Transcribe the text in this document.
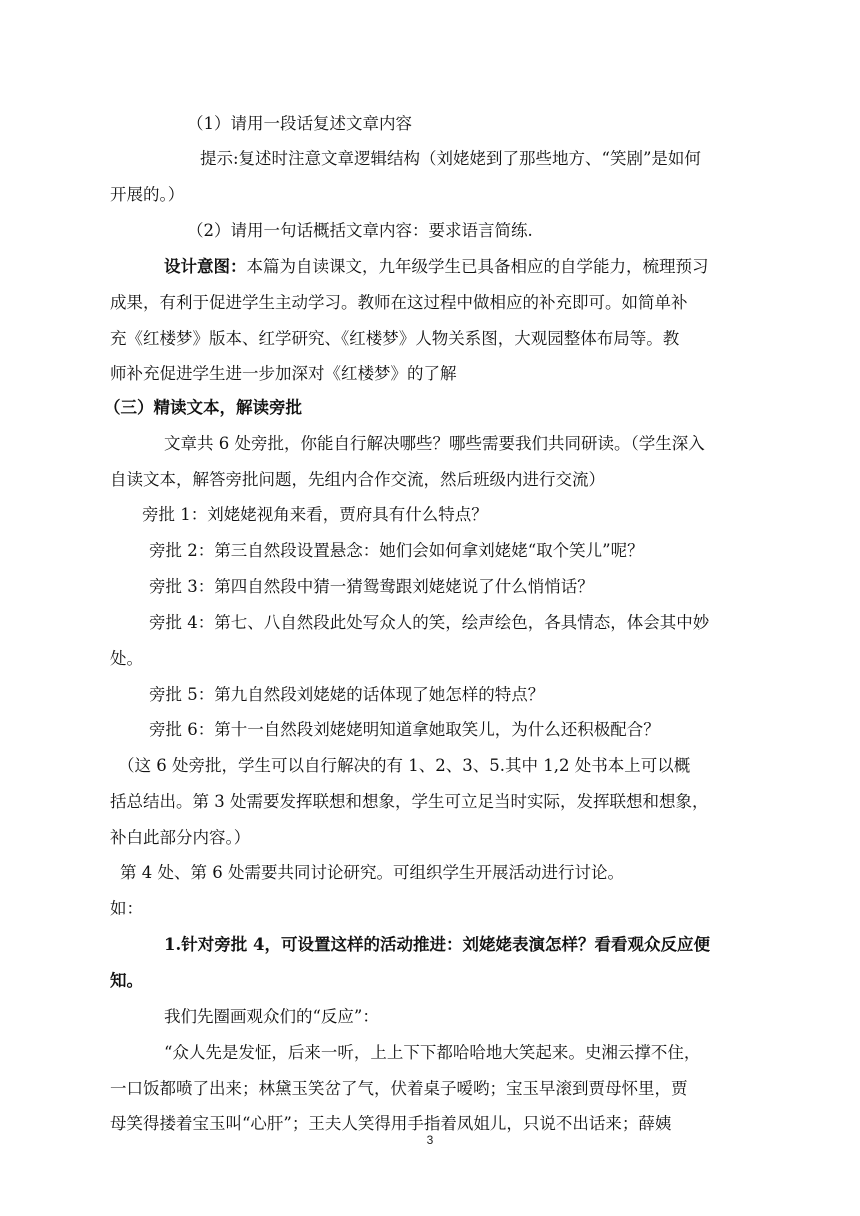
（1）请用一段话复述文章内容
提示:复述时注意文章逻辑结构（刘姥姥到了那些地方、“笑剧”是如何
开展的。）
（2）请用一句话概括文章内容：要求语言简练.
设计意图：本篇为自读课文，九年级学生已具备相应的自学能力，梳理预习
成果，有利于促进学生主动学习。教师在这过程中做相应的补充即可。如简单补
充《红楼梦》版本、红学研究、《红楼梦》人物关系图，大观园整体布局等。教
师补充促进学生进一步加深对《红楼梦》的了解
（三）精读文本，解读旁批
文章共 6 处旁批，你能自行解决哪些？哪些需要我们共同研读。（学生深入
自读文本，解答旁批问题，先组内合作交流，然后班级内进行交流）
旁批 1：刘姥姥视角来看，贾府具有什么特点？
旁批 2：第三自然段设置悬念：她们会如何拿刘姥姥“取个笑儿”呢？
旁批 3：第四自然段中猜一猜鸳鸯跟刘姥姥说了什么悄悄话？
旁批 4：第七、八自然段此处写众人的笑，绘声绘色，各具情态，体会其中妙
处。
旁批 5：第九自然段刘姥姥的话体现了她怎样的特点？
旁批 6：第十一自然段刘姥姥明知道拿她取笑儿，为什么还积极配合？
（这 6 处旁批，学生可以自行解决的有 1、2、3、5.其中 1,2 处书本上可以概
括总结出。第 3 处需要发挥联想和想象，学生可立足当时实际，发挥联想和想象，
补白此部分内容。）
第 4 处、第 6 处需要共同讨论研究。可组织学生开展活动进行讨论。
如：
1.针对旁批 4，可设置这样的活动推进：刘姥姥表演怎样？看看观众反应便
知。
我们先圈画观众们的“反应”：
“众人先是发怔，后来一听，上上下下都哈哈地大笑起来。史湘云撑不住，
一口饭都喷了出来；林黛玉笑岔了气，伏着桌子嗳哟；宝玉早滚到贾母怀里，贾
母笑得搂着宝玉叫“心肝”；王夫人笑得用手指着凤姐儿，只说不出话来；薛姨
3
